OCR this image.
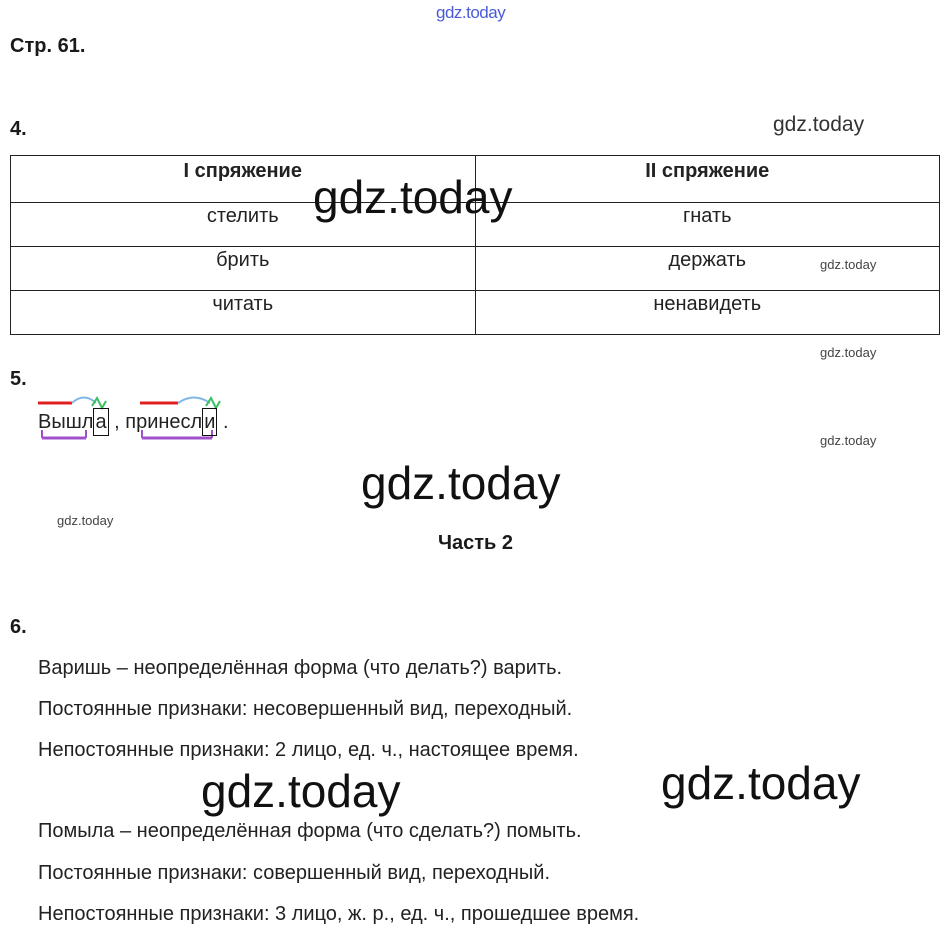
gdz.today
Стр. 61.
4.	gdz.today
I спряжение	II спряжение
стелить	гнать
брить	держать
читать	ненавидеть
gdz.today
gdz.today
gdz.today
5.
Вышл а , принесл и .
gdz.today
gdz.today
gdz.today
Часть 2
6.
Варишь – неопределённая форма (что делать?) варить.
Постоянные признаки: несовершенный вид, переходный.
Непостоянные признаки: 2 лицо, ед. ч., настоящее время.
gdz.today	gdz.today
Помыла – неопределённая форма (что сделать?) помыть.
Постоянные признаки: совершенный вид, переходный.
Непостоянные признаки: 3 лицо, ж. р., ед. ч., прошедшее время.
